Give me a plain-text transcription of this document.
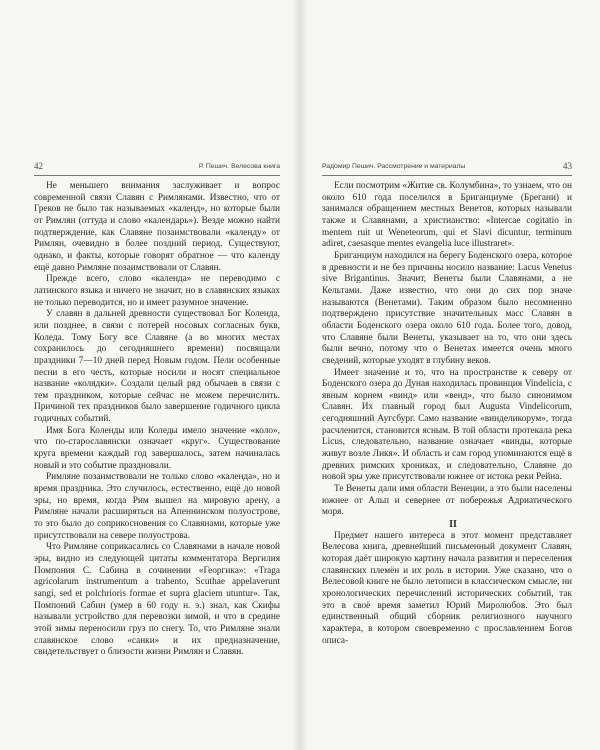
42	Р. Пешич. Велесова книга

Не меньшего внимания заслуживает и вопрос современной связи Славян с Римлянами. Известно, что от Греков не было так называемых «календ», но которые были от Римлян (оттуда и слово «календарь»). Везде можно найти подтверждение, как Славяне позаимствовали «календу» от Римлян, очевидно в более поздний период. Существуют, однако, и факты, которые говорят обратное — что календу ещё давно Римляне позаимствовали от Славян.

Прежде всего, слово «календа» не переводимо с латинского языка и ничего не значит, но в славянских языках не только переводится, но и имеет разумное значение.

У славян в дальней древности существовал Бог Коленда, или позднее, в связи с потерей носовых согласных букв, Коледа. Тому Богу все Славяне (а во многих местах сохранилось до сегодняшнего времени) посвящали праздники 7—10 дней перед Новым годом. Пели особенные песни в его честь, которые носили и носят специальное название «колядки». Создали целый ряд обычаев в связи с тем праздником, которые сейчас не можем перечислить. Причиной тех праздников было завершение годичного цикла годичных событий.

Имя Бога Коленды или Коледы имело значение «коло», что по-старославянски означает «круг». Существование круга времени каждый год завершалось, затем начиналась новый и это событие праздновали.

Римляне позаимствовали не только слово «календа», но и время праздника. Это случилось, естественно, ещё до новой эры, но время, когда Рим вышел на мировую арену, а Римляне начали расширяться на Апеннинском полуострове, то это было до соприкосновения со Славянами, которые уже присутствовали на севере полуострова.

Что Римляне соприкасались со Славянами в начале новой эры, видно из следующей цитаты комментатора Вергилия Помпония С. Сабина в сочинении «Георгика»: «Traga agricolarum instrumentum a trahento, Scuthae appelaverunt sangi, sed et polchrioris formae et supra glaciem utuntur». Так, Помпоний Сабин (умер в 60 году н. э.) знал, как Скифы называли устройство для перевозки зимой, и что в средине этой зимы переносили груз по снегу. То, что Римляне знали славянское слово «санки» и их предназначение, свидетельствует о близости жизни Римлян и Славян.

Радомир Пешич. Рассмотрение и материалы	43

Если посмотрим «Житие св. Колумбина», то узнаем, что он около 610 года поселился в Бриганциуме (Брегани) и занимался обращением местных Венетов, которых называли также и Славянами, а христианство: «Intercae cogitatio in mentem ruit ut Weneteorum, qui et Slavi dicuntur, terminum adiret, caesasque mentes evangelia luce illustraret».

Бриганциум находился на берегу Боденского озера, которое в древности и не без причины носило название: Lacus Venetus sive Brigantinus. Значит, Венеты были Славянами, а не Кельтами. Даже известно, что они до сих пор значе называются (Венетами). Таким образом было несомненно подтверждено присутствие значительных масс Славян в области Боденского озера около 610 года. Более того, довод, что Славяне были Венеты, указывает на то, что они здесь были вечно, потому что о Венетах имеется очень много сведений, которые уходят в глубину веков.

Имеет значение и то, что на пространстве к северу от Боденского озера до Дуная находилась провинция Vindelicia, с явным корнем «винд» или «венд», что было синонимом Славян. Их главный город был Augusta Vindelicorum, сегодняшний Аугсбург. Само название «винделикорум», тогда расчленится, становится ясным. В той области протекала река Licus, следовательно, название означает «винды, которые живут возле Ликя». И область и сам город упоминаются ещё в древних римских хрониках, и следовательно, Славяне до новой эры уже присутствовали южнее от истока реки Рейна.

Те Венеты дали имя области Венеции, а это были населены южнее от Альп и севернее от побережья Адриатического моря.

II

Предмет нашего интереса в этот момент представляет Велесова книга, древнейший письменный документ Славян, которая даёт широкую картину начала развития и переселения славянских племён и их роль в истории. Уже сказано, что о Велесовой книге не было летописи в классическом смысле, ни хронологических перечислений исторических событий, так это в своё время заметил Юрий Миролюбов. Это был единственный общий сборник религиозного научного характера, в котором своевременно с прославлением Богов описа-
